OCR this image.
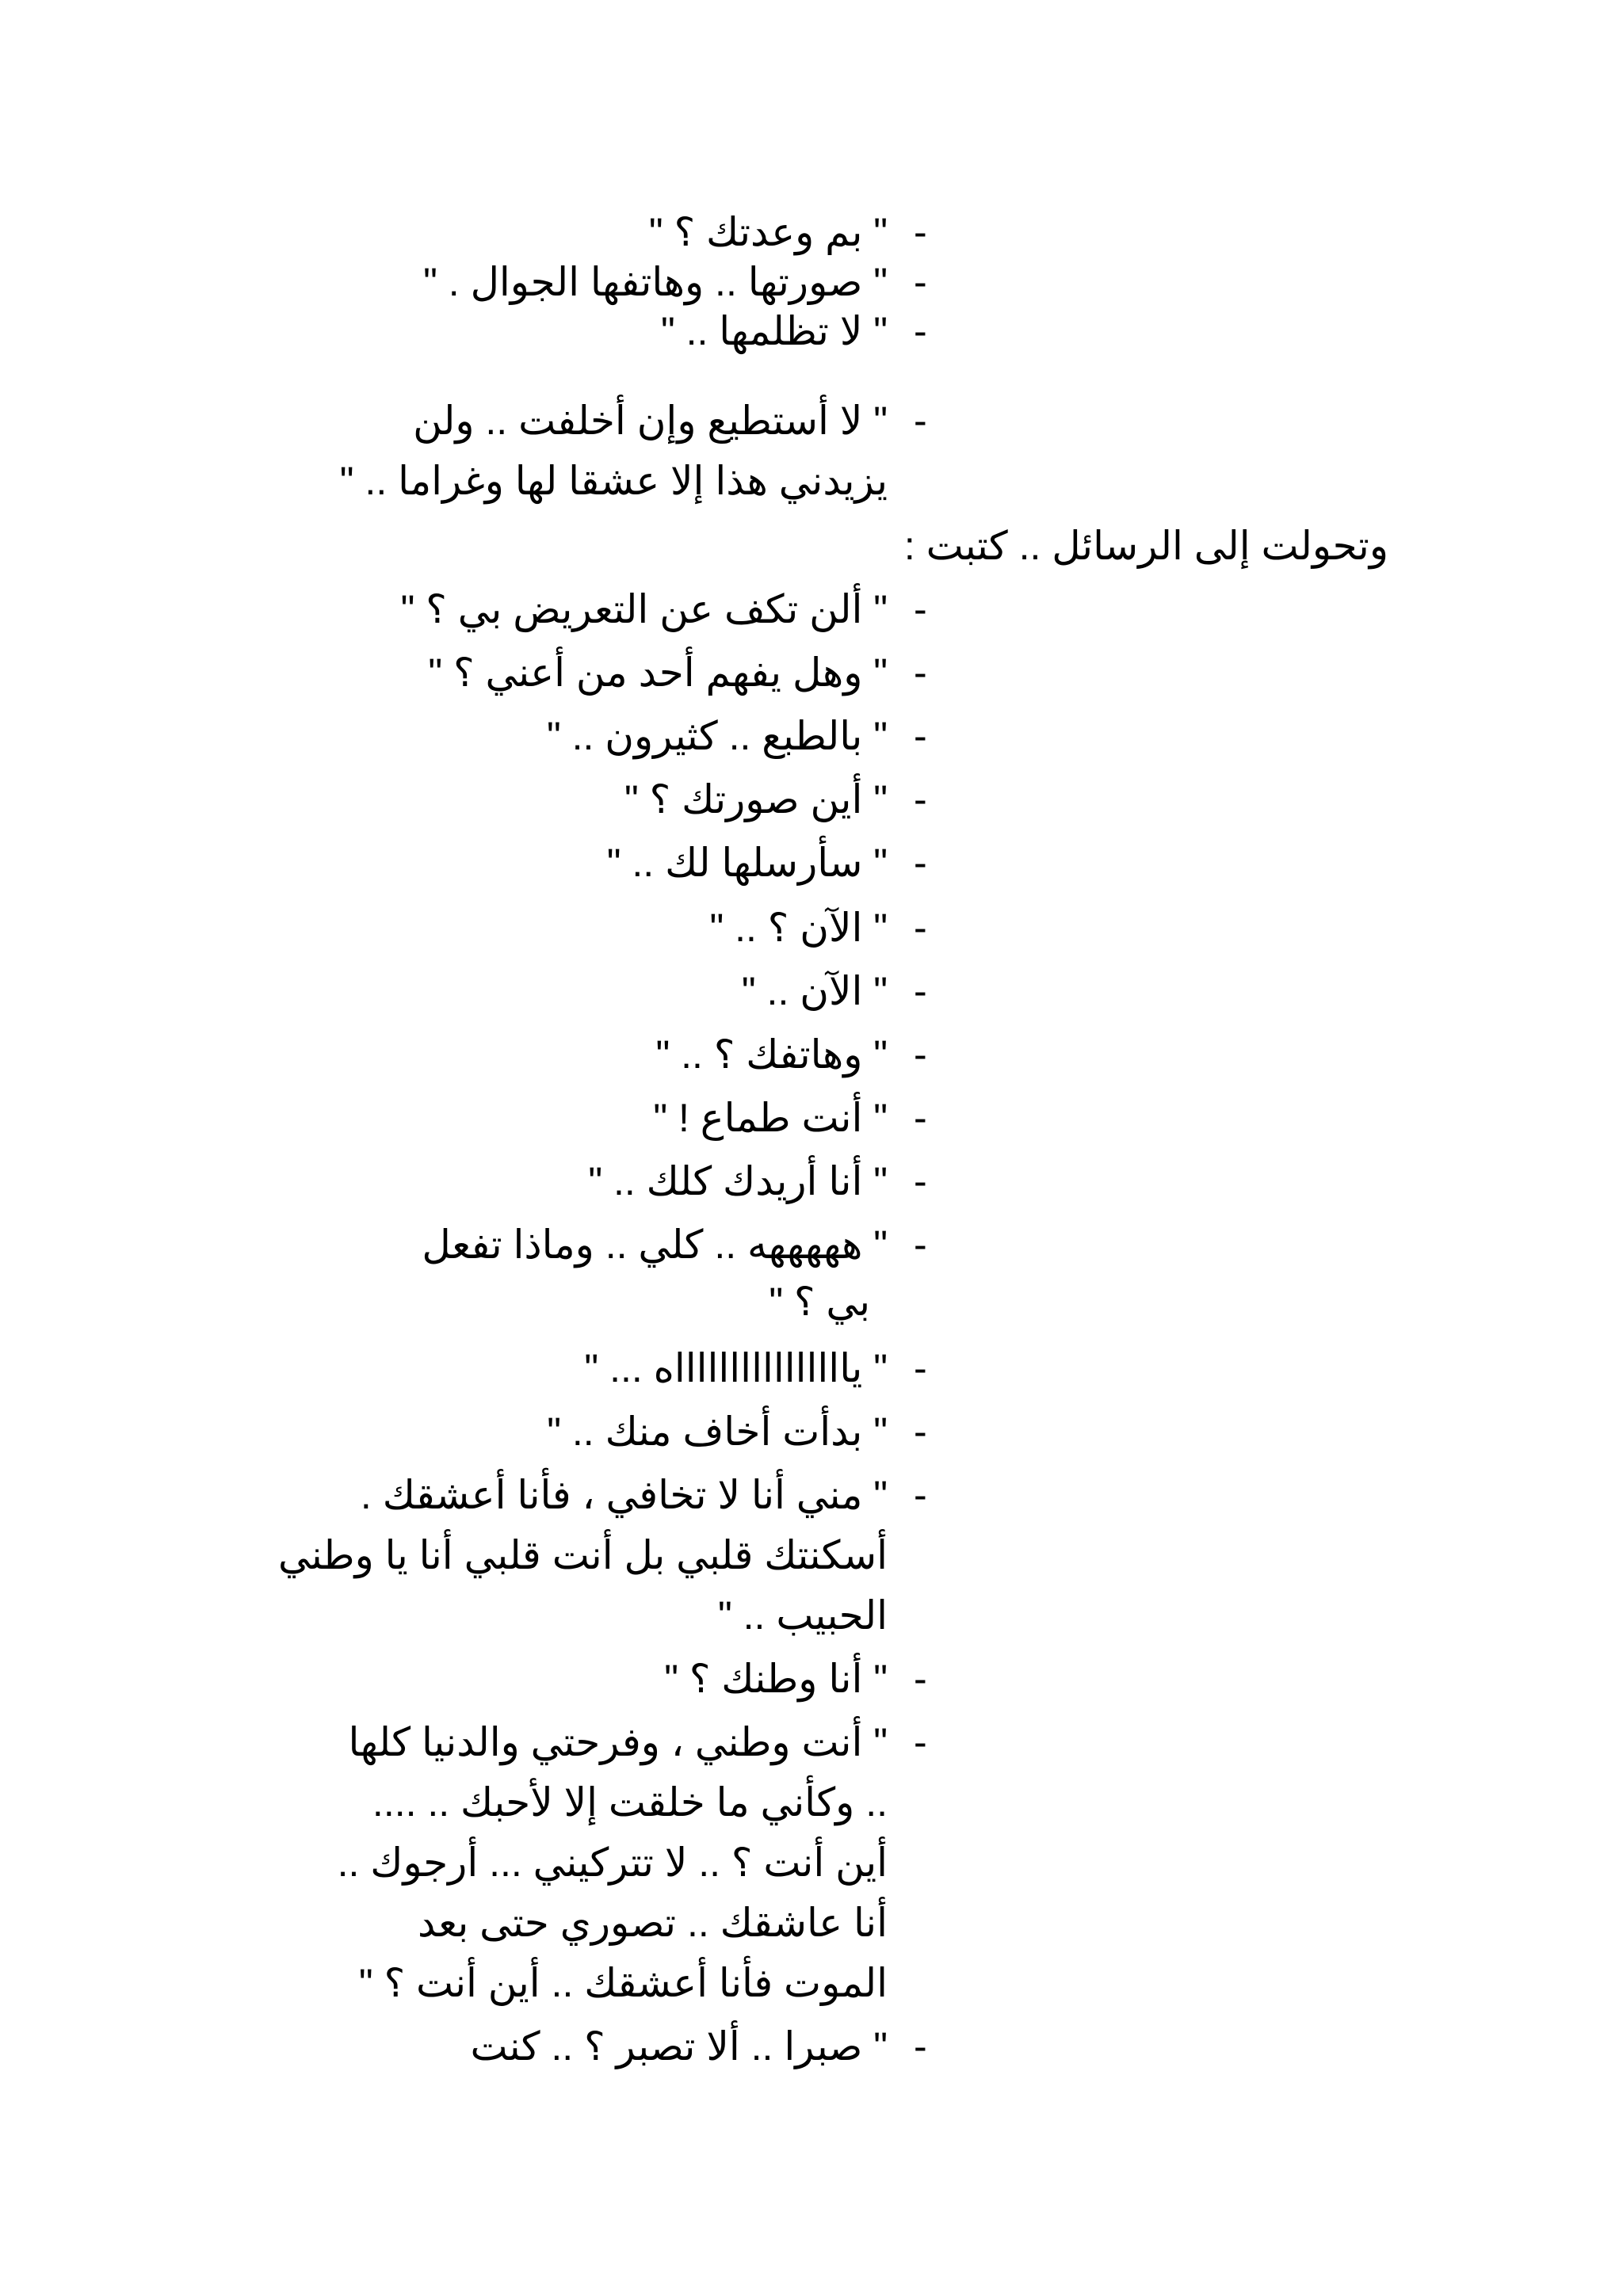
-
" بم وعدتك ؟ "
-
" صورتها .. وهاتفها الجوال . "
-
" لا تظلمها .. "
-
" لا أستطيع وإن أخلفت .. ولن
يزيدني هذا إلا عشقا لها وغراما .. "
وتحولت إلى الرسائل .. كتبت :
-
" ألن تكف عن التعريض بي ؟ "
-
" وهل يفهم أحد من أعني ؟ "
-
" بالطبع .. كثيرون .. "
-
" أين صورتك ؟ "
-
" سأرسلها لك .. "
-
" الآن ؟ .. "
-
" الآن .. "
-
" وهاتفك ؟ .. "
-
" أنت طماع ! "
-
" أنا أريدك كلك .. "
-
" هههههه .. كلي .. وماذا تفعل
بي ؟ "
-
" يااااااااااااااااه ... "
-
" بدأت أخاف منك .. "
-
" مني أنا لا تخافي ، فأنا أعشقك .
أسكنتك قلبي بل أنت قلبي أنا يا وطني
الحبيب .. "
-
" أنا وطنك ؟ "
-
" أنت وطني ، وفرحتي والدنيا كلها
.. وكأني ما خلقت إلا لأحبك .. ....
أين أنت ؟ .. لا تتركيني ... أرجوك ..
أنا عاشقك .. تصوري حتى بعد
الموت فأنا أعشقك .. أين أنت ؟ "
-
" صبرا .. ألا تصبر ؟ .. كنت
